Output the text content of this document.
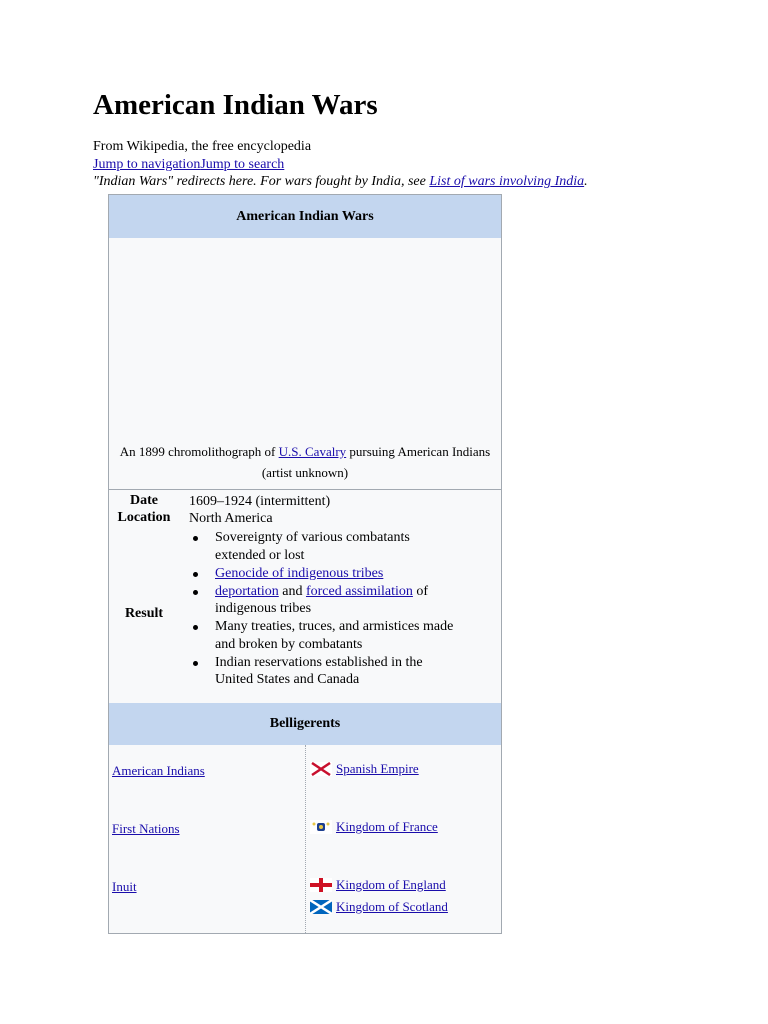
American Indian Wars
From Wikipedia, the free encyclopedia
Jump to navigationJump to search
"Indian Wars" redirects here. For wars fought by India, see List of wars involving India.
American Indian Wars
An 1899 chromolithograph of U.S. Cavalry pursuing American Indians
(artist unknown)
Date	1609–1924 (intermittent)
Location	North America
Result
Sovereignty of various combatants
extended or lost
Genocide of indigenous tribes
deportation and forced assimilation of
indigenous tribes
Many treaties, truces, and armistices made
and broken by combatants
Indian reservations established in the
United States and Canada
Belligerents
American Indians
First Nations
Inuit
Spanish Empire
Kingdom of France
Kingdom of England
Kingdom of Scotland
